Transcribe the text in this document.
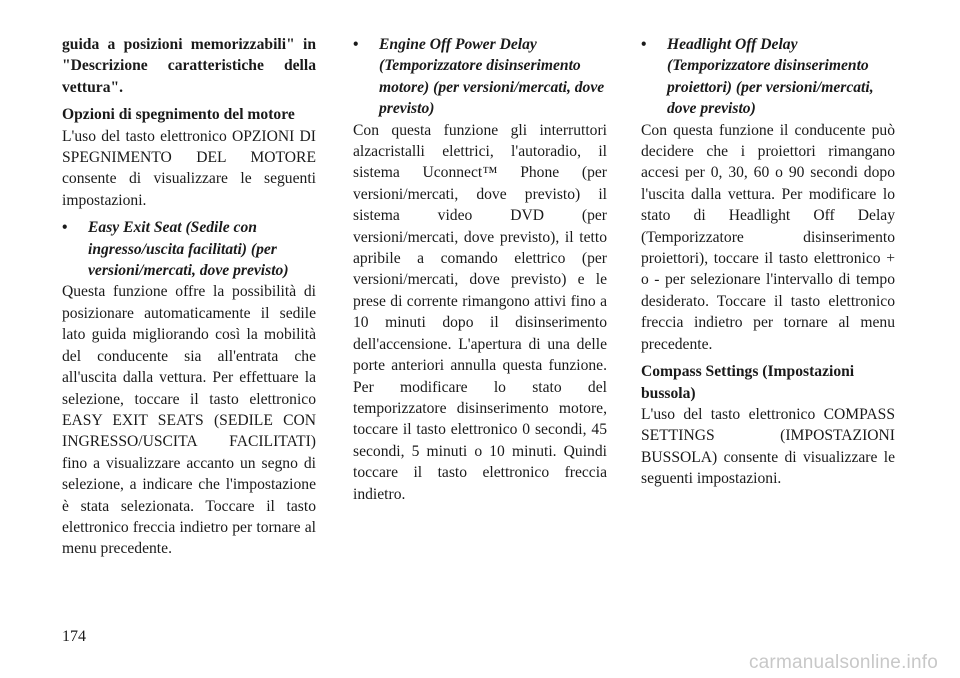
guida a posizioni memorizzabili" in "Descrizione caratteristiche della vettura".

Opzioni di spegnimento del motore

L'uso del tasto elettronico OPZIONI DI SPEGNIMENTO DEL MOTORE consente di visualizzare le seguenti impostazioni.

• Easy Exit Seat (Sedile con ingresso/uscita facilitati) (per versioni/mercati, dove previsto)

Questa funzione offre la possibilità di posizionare automaticamente il sedile lato guida migliorando così la mobilità del conducente sia all'entrata che all'uscita dalla vettura. Per effettuare la selezione, toccare il tasto elettronico EASY EXIT SEATS (SEDILE CON INGRESSO/USCITA FACILITATI) fino a visualizzare accanto un segno di selezione, a indicare che l'impostazione è stata selezionata. Toccare il tasto elettronico freccia indietro per tornare al menu precedente.

• Engine Off Power Delay (Temporizzatore disinserimento motore) (per versioni/mercati, dove previsto)

Con questa funzione gli interruttori alzacristalli elettrici, l'autoradio, il sistema Uconnect™ Phone (per versioni/mercati, dove previsto) il sistema video DVD (per versioni/mercati, dove previsto), il tetto apribile a comando elettrico (per versioni/mercati, dove previsto) e le prese di corrente rimangono attivi fino a 10 minuti dopo il disinserimento dell'accensione. L'apertura di una delle porte anteriori annulla questa funzione. Per modificare lo stato del temporizzatore disinserimento motore, toccare il tasto elettronico 0 secondi, 45 secondi, 5 minuti o 10 minuti. Quindi toccare il tasto elettronico freccia indietro.

• Headlight Off Delay (Temporizzatore disinserimento proiettori) (per versioni/mercati, dove previsto)

Con questa funzione il conducente può decidere che i proiettori rimangano accesi per 0, 30, 60 o 90 secondi dopo l'uscita dalla vettura. Per modificare lo stato di Headlight Off Delay (Temporizzatore disinserimento proiettori), toccare il tasto elettronico + o - per selezionare l'intervallo di tempo desiderato. Toccare il tasto elettronico freccia indietro per tornare al menu precedente.

Compass Settings (Impostazioni bussola)

L'uso del tasto elettronico COMPASS SETTINGS (IMPOSTAZIONI BUSSOLA) consente di visualizzare le seguenti impostazioni.

174
carmanualsonline.info
